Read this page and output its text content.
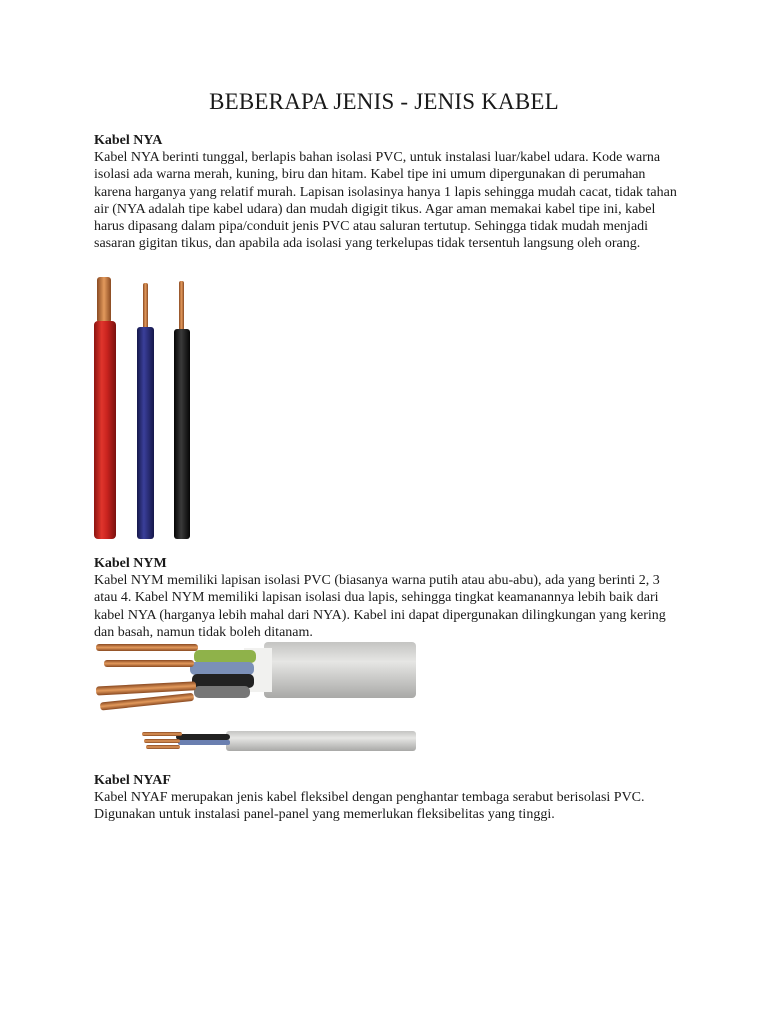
BEBERAPA JENIS - JENIS KABEL

Kabel NYA

Kabel NYA berinti tunggal, berlapis bahan isolasi PVC, untuk instalasi luar/kabel udara. Kode warna isolasi ada warna merah, kuning, biru dan hitam. Kabel tipe ini umum dipergunakan di perumahan karena harganya yang relatif murah. Lapisan isolasinya hanya 1 lapis sehingga mudah cacat, tidak tahan air (NYA adalah tipe kabel udara) dan mudah digigit tikus. Agar aman memakai kabel tipe ini, kabel harus dipasang dalam pipa/conduit jenis PVC atau saluran tertutup. Sehingga tidak mudah menjadi sasaran gigitan tikus, dan apabila ada isolasi yang terkelupas tidak tersentuh langsung oleh orang.

Kabel NYM

Kabel NYM memiliki lapisan isolasi PVC (biasanya warna putih atau abu-abu), ada yang berinti 2, 3 atau 4. Kabel NYM memiliki lapisan isolasi dua lapis, sehingga tingkat keamanannya lebih baik dari kabel NYA (harganya lebih mahal dari NYA). Kabel ini dapat dipergunakan dilingkungan yang kering dan basah, namun tidak boleh ditanam.

Kabel NYAF

Kabel NYAF merupakan jenis kabel fleksibel dengan penghantar tembaga serabut berisolasi PVC. Digunakan untuk instalasi panel-panel yang memerlukan fleksibelitas yang tinggi.
